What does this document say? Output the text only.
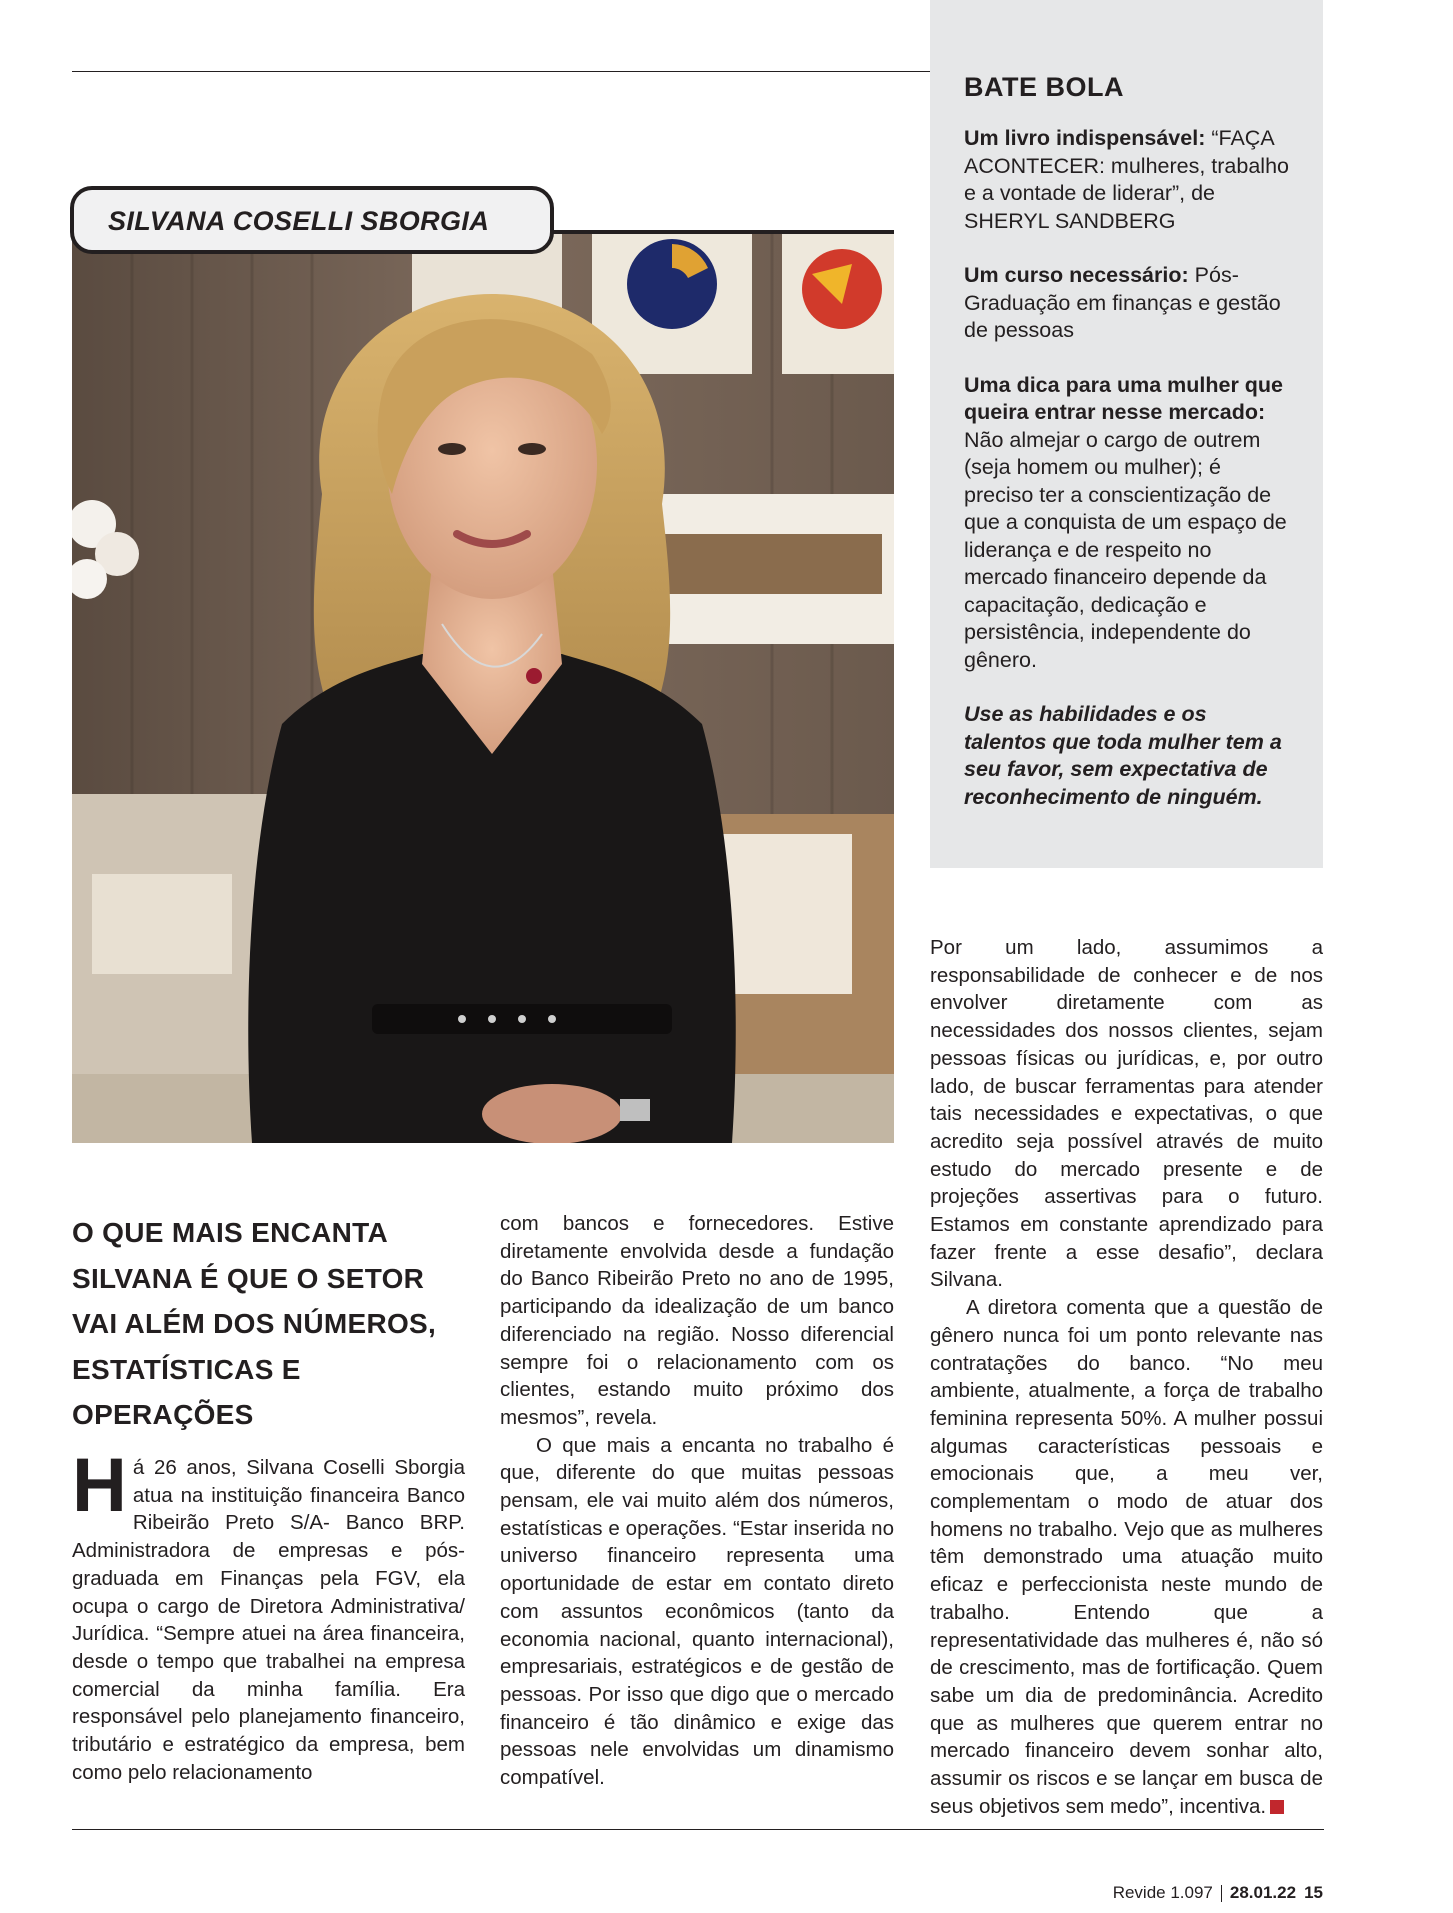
BATE BOLA

Um livro indispensável: “FAÇA ACONTECER: mulheres, trabalho e a vontade de liderar”, de SHERYL SANDBERG

Um curso necessário: Pós-Graduação em finanças e gestão de pessoas

Uma dica para uma mulher que queira entrar nesse mercado: Não almejar o cargo de outrem (seja homem ou mulher); é preciso ter a conscientização de que a conquista de um espaço de liderança e de respeito no mercado financeiro depende da capacitação, dedicação e persistência, independente do gênero.

Use as habilidades e os talentos que toda mulher tem a seu favor, sem expectativa de reconhecimento de ninguém.

SILVANA COSELLI SBORGIA
O QUE MAIS ENCANTA SILVANA É QUE O SETOR VAI ALÉM DOS NÚMEROS, ESTATÍSTICAS E OPERAÇÕES

Há 26 anos, Silvana Coselli Sborgia atua na instituição financeira Banco Ribeirão Preto S/A- Banco BRP. Administradora de empresas e pós-graduada em Finanças pela FGV, ela ocupa o cargo de Diretora Administrativa/ Jurídica. “Sempre atuei na área financeira, desde o tempo que trabalhei na empresa comercial da minha família. Era responsável pelo planejamento financeiro, tributário e estratégico da empresa, bem como pelo relacionamento

com bancos e fornecedores. Estive diretamente envolvida desde a fundação do Banco Ribeirão Preto no ano de 1995, participando da idealização de um banco diferenciado na região. Nosso diferencial sempre foi o relacionamento com os clientes, estando muito próximo dos mesmos”, revela.

O que mais a encanta no trabalho é que, diferente do que muitas pessoas pensam, ele vai muito além dos números, estatísticas e operações. “Estar inserida no universo financeiro representa uma oportunidade de estar em contato direto com assuntos econômicos (tanto da economia nacional, quanto internacional), empresariais, estratégicos e de gestão de pessoas. Por isso que digo que o mercado financeiro é tão dinâmico e exige das pessoas nele envolvidas um dinamismo compatível.

Por um lado, assumimos a responsabilidade de conhecer e de nos envolver diretamente com as necessidades dos nossos clientes, sejam pessoas físicas ou jurídicas, e, por outro lado, de buscar ferramentas para atender tais necessidades e expectativas, o que acredito seja possível através de muito estudo do mercado presente e de projeções assertivas para o futuro. Estamos em constante aprendizado para fazer frente a esse desafio”, declara Silvana.

A diretora comenta que a questão de gênero nunca foi um ponto relevante nas contratações do banco. “No meu ambiente, atualmente, a força de trabalho feminina representa 50%. A mulher possui algumas características pessoais e emocionais que, a meu ver, complementam o modo de atuar dos homens no trabalho. Vejo que as mulheres têm demonstrado uma atuação muito eficaz e perfeccionista neste mundo de trabalho. Entendo que a representatividade das mulheres é, não só de crescimento, mas de fortificação. Quem sabe um dia de predominância. Acredito que as mulheres que querem entrar no mercado financeiro devem sonhar alto, assumir os riscos e se lançar em busca de seus objetivos sem medo”, incentiva.	R

Revide 1.097 28.01.22 15
